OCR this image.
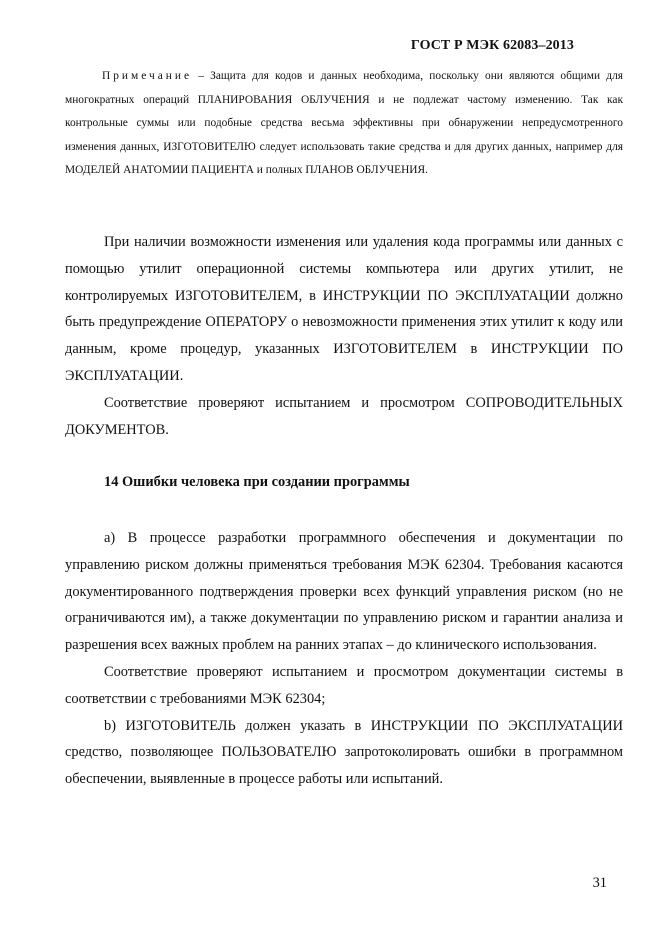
ГОСТ Р МЭК 62083–2013
Примечание – Защита для кодов и данных необходима, поскольку они являются общими для многократных операций ПЛАНИРОВАНИЯ ОБЛУЧЕНИЯ и не подлежат частому изменению. Так как контрольные суммы или подобные средства весьма эффективны при обнаружении непредусмотренного изменения данных, ИЗГОТОВИТЕЛЮ следует использовать такие средства и для других данных, например для МОДЕЛЕЙ АНАТОМИИ ПАЦИЕНТА и полных ПЛАНОВ ОБЛУЧЕНИЯ.

При наличии возможности изменения или удаления кода программы или данных с помощью утилит операционной системы компьютера или других утилит, не контролируемых ИЗГОТОВИТЕЛЕМ, в ИНСТРУКЦИИ ПО ЭКСПЛУАТАЦИИ должно быть предупреждение ОПЕРАТОРУ о невозможности применения этих утилит к коду или данным, кроме процедур, указанных ИЗГОТОВИТЕЛЕМ в ИНСТРУКЦИИ ПО ЭКСПЛУАТАЦИИ.

Соответствие проверяют испытанием и просмотром СОПРОВОДИТЕЛЬНЫХ ДОКУМЕНТОВ.

14 Ошибки человека при создании программы

а) В процессе разработки программного обеспечения и документации по управлению риском должны применяться требования МЭК 62304. Требования касаются документированного подтверждения проверки всех функций управления риском (но не ограничиваются им), а также документации по управлению риском и гарантии анализа и разрешения всех важных проблем на ранних этапах – до клинического использования.

Соответствие проверяют испытанием и просмотром документации системы в соответствии с требованиями МЭК 62304;

b) ИЗГОТОВИТЕЛЬ должен указать в ИНСТРУКЦИИ ПО ЭКСПЛУАТАЦИИ средство, позволяющее ПОЛЬЗОВАТЕЛЮ запротоколировать ошибки в программном обеспечении, выявленные в процессе работы или испытаний.

31
